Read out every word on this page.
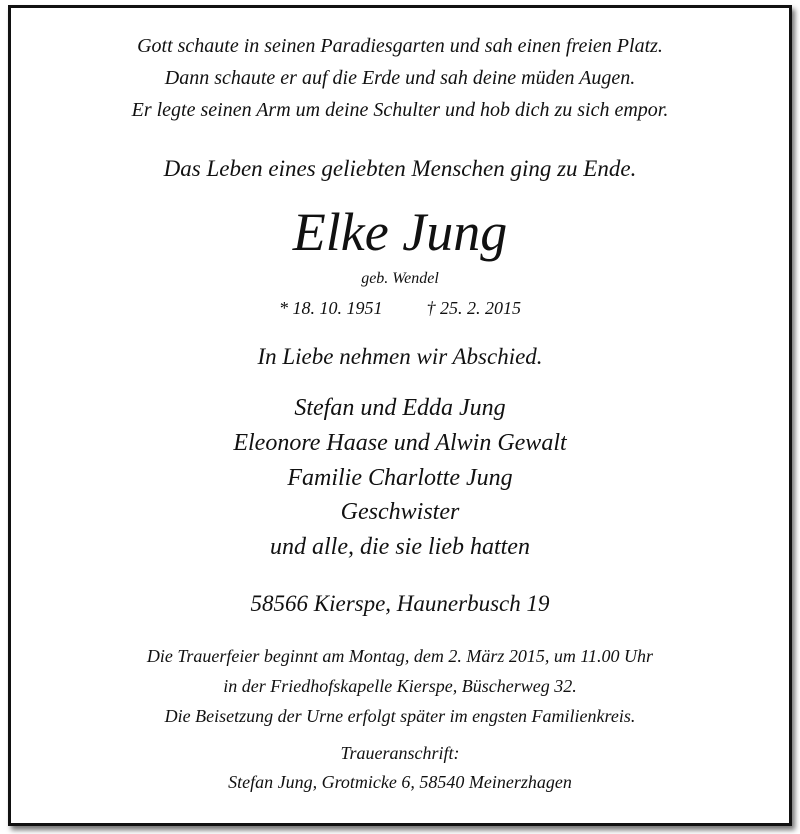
Gott schaute in seinen Paradiesgarten und sah einen freien Platz.
Dann schaute er auf die Erde und sah deine müden Augen.
Er legte seinen Arm um deine Schulter und hob dich zu sich empor.
Das Leben eines geliebten Menschen ging zu Ende.
Elke Jung
geb. Wendel
* 18. 10. 1951 † 25. 2. 2015
In Liebe nehmen wir Abschied.
Stefan und Edda Jung
Eleonore Haase und Alwin Gewalt
Familie Charlotte Jung
Geschwister
und alle, die sie lieb hatten
58566 Kierspe, Haunerbusch 19
Die Trauerfeier beginnt am Montag, dem 2. März 2015, um 11.00 Uhr
in der Friedhofskapelle Kierspe, Büscherweg 32.
Die Beisetzung der Urne erfolgt später im engsten Familienkreis.
Traueranschrift:
Stefan Jung, Grotmicke 6, 58540 Meinerzhagen
